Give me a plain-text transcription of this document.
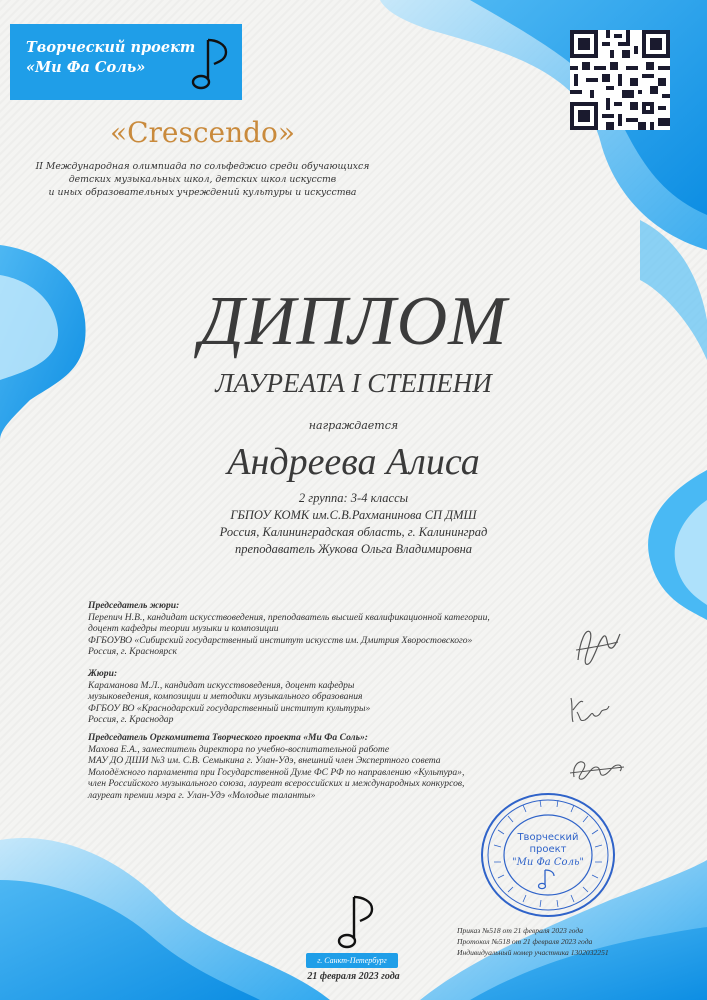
Творческий проект
«Ми Фа Соль»
«Crescendo»
II Международная олимпиада по сольфеджио среди обучающихся
детских музыкальных школ, детских школ искусств
и иных образовательных учреждений культуры и искусства
ДИПЛОМ
ЛАУРЕАТА I СТЕПЕНИ
награждается
Андреева Алиса
2 группа: 3-4 классы
ГБПОУ КОМК им.С.В.Рахманинова СП ДМШ
Россия, Калининградская область, г. Калининград
преподаватель Жукова Ольга Владимировна
Председатель жюри:
Перепич Н.В., кандидат искусствоведения, преподаватель высшей квалификационной категории,
доцент кафедры теории музыки и композиции
ФГБОУВО «Сибирский государственный институт искусств им. Дмитрия Хворостовского»
Россия, г. Красноярск
Жюри:
Караманова М.Л., кандидат искусствоведения, доцент кафедры
музыковедения, композиции и методики музыкального образования
ФГБОУ ВО «Краснодарский государственный институт культуры»
Россия, г. Краснодар
Председатель Оргкомитета Творческого проекта «Ми Фа Соль»:
Махова Е.А., заместитель директора по учебно-воспитательной работе
МАУ ДО ДШИ №3 им. С.В. Семыкина г. Улан-Удэ, внешний член Экспертного совета
Молодёжного парламента при Государственной Думе ФС РФ по направлению «Культура»,
член Российского музыкального союза, лауреат всероссийских и международных конкурсов,
лауреат премии мэра г. Улан-Удэ «Молодые таланты»
Творческий
проект
"Ми Фа Соль"
г. Санкт-Петербург
21 февраля 2023 года
Приказ №518 от 21 февраля 2023 года
Протокол №518 от 21 февраля 2023 года
Индивидуальный номер участника 1302032251
